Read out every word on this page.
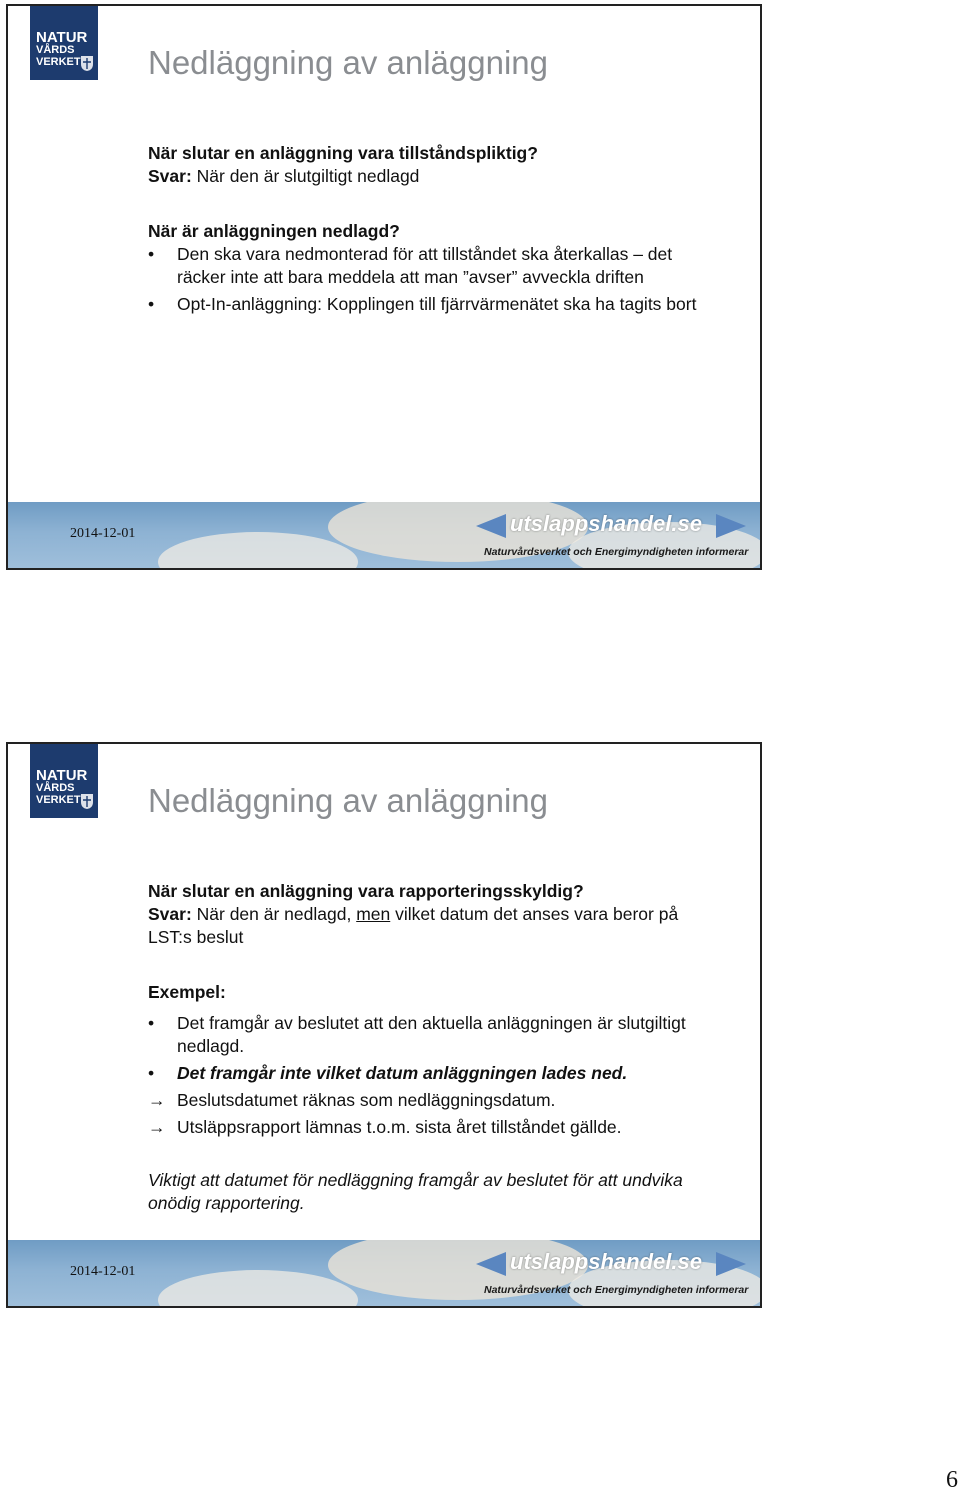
NATUR
VÅRDS
VERKET	Nedläggning av anläggning
När slutar en anläggning vara tillståndspliktig?
Svar: När den är slutgiltigt nedlagd
När är anläggningen nedlagd?
•	Den ska vara nedmonterad för att tillståndet ska återkallas – det räcker inte att bara meddela att man ”avser” avveckla driften
•	Opt-In-anläggning: Kopplingen till fjärrvärmenätet ska ha tagits bort
2014-12-01	utslappshandel.se
Naturvårdsverket och Energimyndigheten informerar
NATUR
VÅRDS
VERKET	Nedläggning av anläggning
När slutar en anläggning vara rapporteringsskyldig?
Svar: När den är nedlagd, men vilket datum det anses vara beror på LST:s beslut
Exempel:
•	Det framgår av beslutet att den aktuella anläggningen är slutgiltigt nedlagd.
•	Det framgår inte vilket datum anläggningen lades ned.
→ Beslutsdatumet räknas som nedläggningsdatum.
→ Utsläppsrapport lämnas t.o.m. sista året tillståndet gällde.
Viktigt att datumet för nedläggning framgår av beslutet för att undvika onödig rapportering.
2014-12-01	utslappshandel.se
Naturvårdsverket och Energimyndigheten informerar
6
